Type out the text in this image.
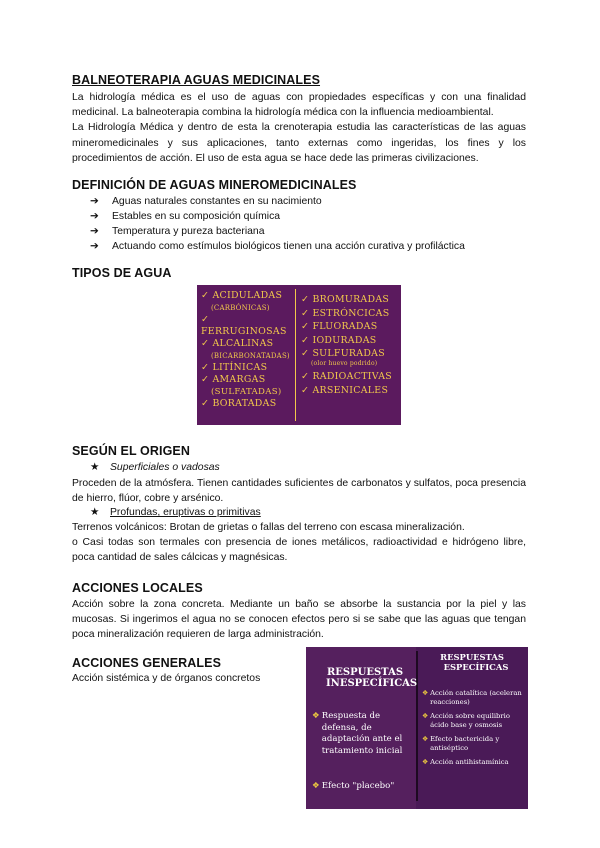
BALNEOTERAPIA AGUAS MEDICINALES
La hidrología médica es el uso de aguas con propiedades específicas y con una finalidad medicinal. La balneoterapia combina la hidrología médica con la influencia medioambiental.
La Hidrología Médica y dentro de esta la crenoterapia estudia las características de las aguas mineromedicinales y sus aplicaciones, tanto externas como ingeridas, los fines y los procedimientos de acción. El uso de esta agua se hace dede las primeras civilizaciones.
DEFINICIÓN DE AGUAS MINEROMEDICINALES
➔ Aguas naturales constantes en su nacimiento
➔ Estables en su composición química
➔ Temperatura y pureza bacteriana
➔ Actuando como estímulos biológicos tienen una acción curativa y profiláctica
TIPOS DE AGUA
✓ ACIDULADAS
(CARBÓNICAS)
✓ FERRUGINOSAS
✓ ALCALINAS
(BICARBONATADAS)
✓ LITÍNICAS
✓ AMARGAS
(SULFATADAS)
✓ BORATADAS
✓ BROMURADAS
✓ ESTRÓNCICAS
✓ FLUORADAS
✓ IODURADAS
✓ SULFURADAS
(olor huevo podrido)
✓ RADIOACTIVAS
✓ ARSENICALES
SEGÚN EL ORIGEN
★ Superficiales o vadosas
Proceden de la atmósfera. Tienen cantidades suficientes de carbonatos y sulfatos, poca presencia de hierro, flúor, cobre y arsénico.
★ Profundas, eruptivas o primitivas
Terrenos volcánicos: Brotan de grietas o fallas del terreno con escasa mineralización.
o Casi todas son termales con presencia de iones metálicos, radioactividad e hidrógeno libre, poca cantidad de sales cálcicas y magnésicas.
ACCIONES LOCALES
Acción sobre la zona concreta. Mediante un baño se absorbe la sustancia por la piel y las mucosas. Si ingerimos el agua no se conocen efectos pero si se sabe que las aguas que tengan poca mineralización requieren de larga administración.
ACCIONES GENERALES
Acción sistémica y de órganos concretos
RESPUESTAS
INESPECÍFICAS
❖ Respuesta de defensa, de adaptación ante el tratamiento inicial
❖ Efecto "placebo"
RESPUESTAS
ESPECÍFICAS
❖ Acción catalítica (aceleran reacciones)
❖ Acción sobre equilibrio ácido base y osmosis
❖ Efecto bactericida y antiséptico
❖ Acción antihistamínica
